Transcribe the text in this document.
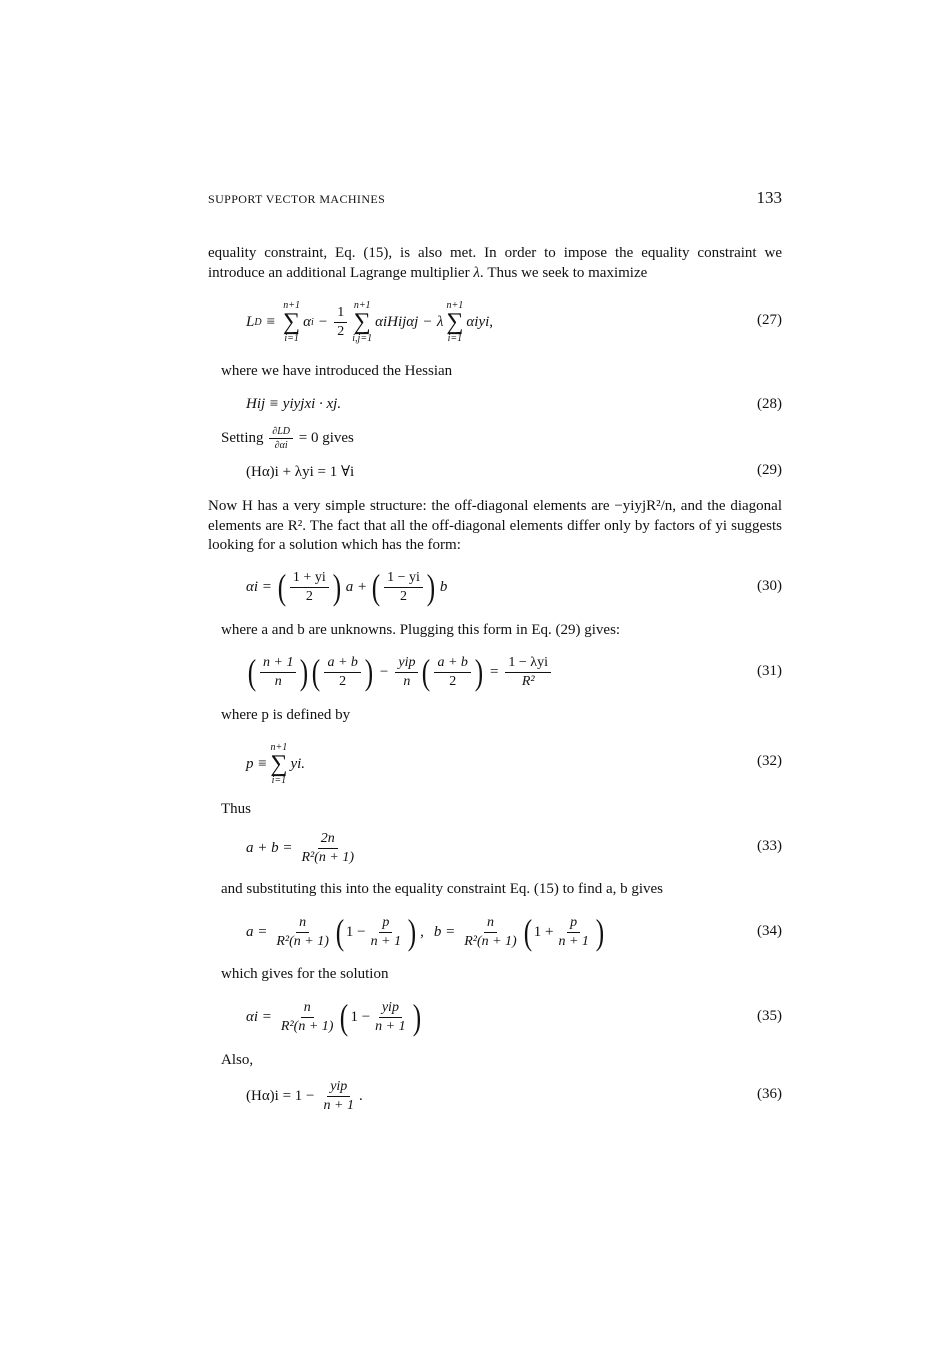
SUPPORT VECTOR MACHINES	133
equality constraint, Eq. (15), is also met. In order to impose the equality constraint we introduce an additional Lagrange multiplier λ. Thus we seek to maximize
L D ≡
n+1
∑
i=1
α $i - \frac{1}{2} n+1$
∑
i,j=1
αiHijαj − λ
n+1
∑
i=1
αiyi,	(27)
where we have introduced the Hessian
Hij ≡ yiyjxi · xj.	(28)
Setting $\frac{\partial LD}{\partial\alpha i} = 0$ gives
(Hα)i + λyi = 1 ∀i	(29)
Now H has a very simple structure: the off-diagonal elements are −yiyjR²/n, and the diagonal elements are R². The fact that all the off-diagonal elements differ only by factors of yi suggests looking for a solution which has the form:
αi = ( $\frac{1 + yi}{2}$ ) a + ( $\frac{1 - yi}{2}$ ) b	(30)
where a and b are unknowns. Plugging this form in Eq. (29) gives:
( $\frac{n + 1}{n}$ ) ( $\frac{a + b}{2}$ ) − $\frac{\text{yip}}{n}$ ( $\frac{a + b}{2}$ ) = $\frac{\text{1 − λyi}}{\text{R²}}$	(31)
where p is defined by
p ≡
n+1
∑
i=1
yi.	(32)
Thus
$a + b = \frac{2n}{\text{R²(n + 1)}}$	(33)
and substituting this into the equality constraint Eq. (15) to find a, b gives
$a = \frac{n}{\text{R²(n + 1)}}$ ( $1 - \frac{p}{n + 1}$ ) , $b = \frac{n}{\text{R²(n + 1)}}$ ( $1 + \frac{p}{n + 1}$ )	(34)
which gives for the solution
$\alpha i = \frac{n}{\text{R²(n + 1)}}$ ( $1 - \frac{\text{yip}}{n + 1}$ )	(35)
Also,
$(H\alpha)i = 1 - \frac{\text{yip}}{n + 1}$ .	(36)
